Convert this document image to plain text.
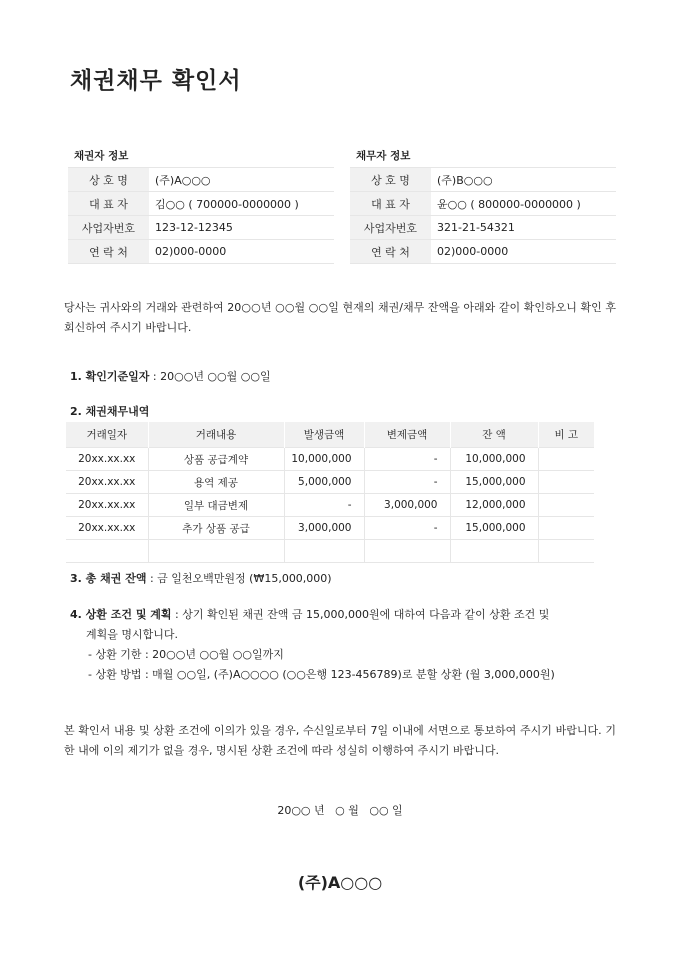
채권채무 확인서
채권자 정보
상 호 명	(주)A○○○
대 표 자	김○○ ( 700000-0000000 )
사업자번호	123-12-12345
연 락 처	02)000-0000
채무자 정보
상 호 명	(주)B○○○
대 표 자	윤○○ ( 800000-0000000 )
사업자번호	321-21-54321
연 락 처	02)000-0000
당사는 귀사와의 거래와 관련하여 20○○년 ○○월 ○○일 현재의 채권/채무 잔액을 아래와 같이 확인하오니 확인 후 회신하여 주시기 바랍니다.
1. 확인기준일자 : 20○○년 ○○월 ○○일
2. 채권채무내역
거래일자	거래내용	발생금액	변제금액	잔 액	비 고
20xx.xx.xx	상품 공급계약	10,000,000	-	10,000,000	
20xx.xx.xx	용역 제공	5,000,000	-	15,000,000	
20xx.xx.xx	일부 대금변제	-	3,000,000	12,000,000	
20xx.xx.xx	추가 상품 공급	3,000,000	-	15,000,000	

3. 총 채권 잔액 : 금 일천오백만원정 (₩15,000,000)
4. 상환 조건 및 계획 : 상기 확인된 채권 잔액 금 15,000,000원에 대하여 다음과 같이 상환 조건 및
계획을 명시합니다.
- 상환 기한 : 20○○년 ○○월 ○○일까지
- 상환 방법 : 매월 ○○일, (주)A○○○○ (○○은행 123-456789)로 분할 상환 (월 3,000,000원)
본 확인서 내용 및 상환 조건에 이의가 있을 경우, 수신일로부터 7일 이내에 서면으로 통보하여 주시기 바랍니다. 기한 내에 이의 제기가 없을 경우, 명시된 상환 조건에 따라 성실히 이행하여 주시기 바랍니다.
20○○ 년   ○ 월   ○○ 일
(주)A○○○
